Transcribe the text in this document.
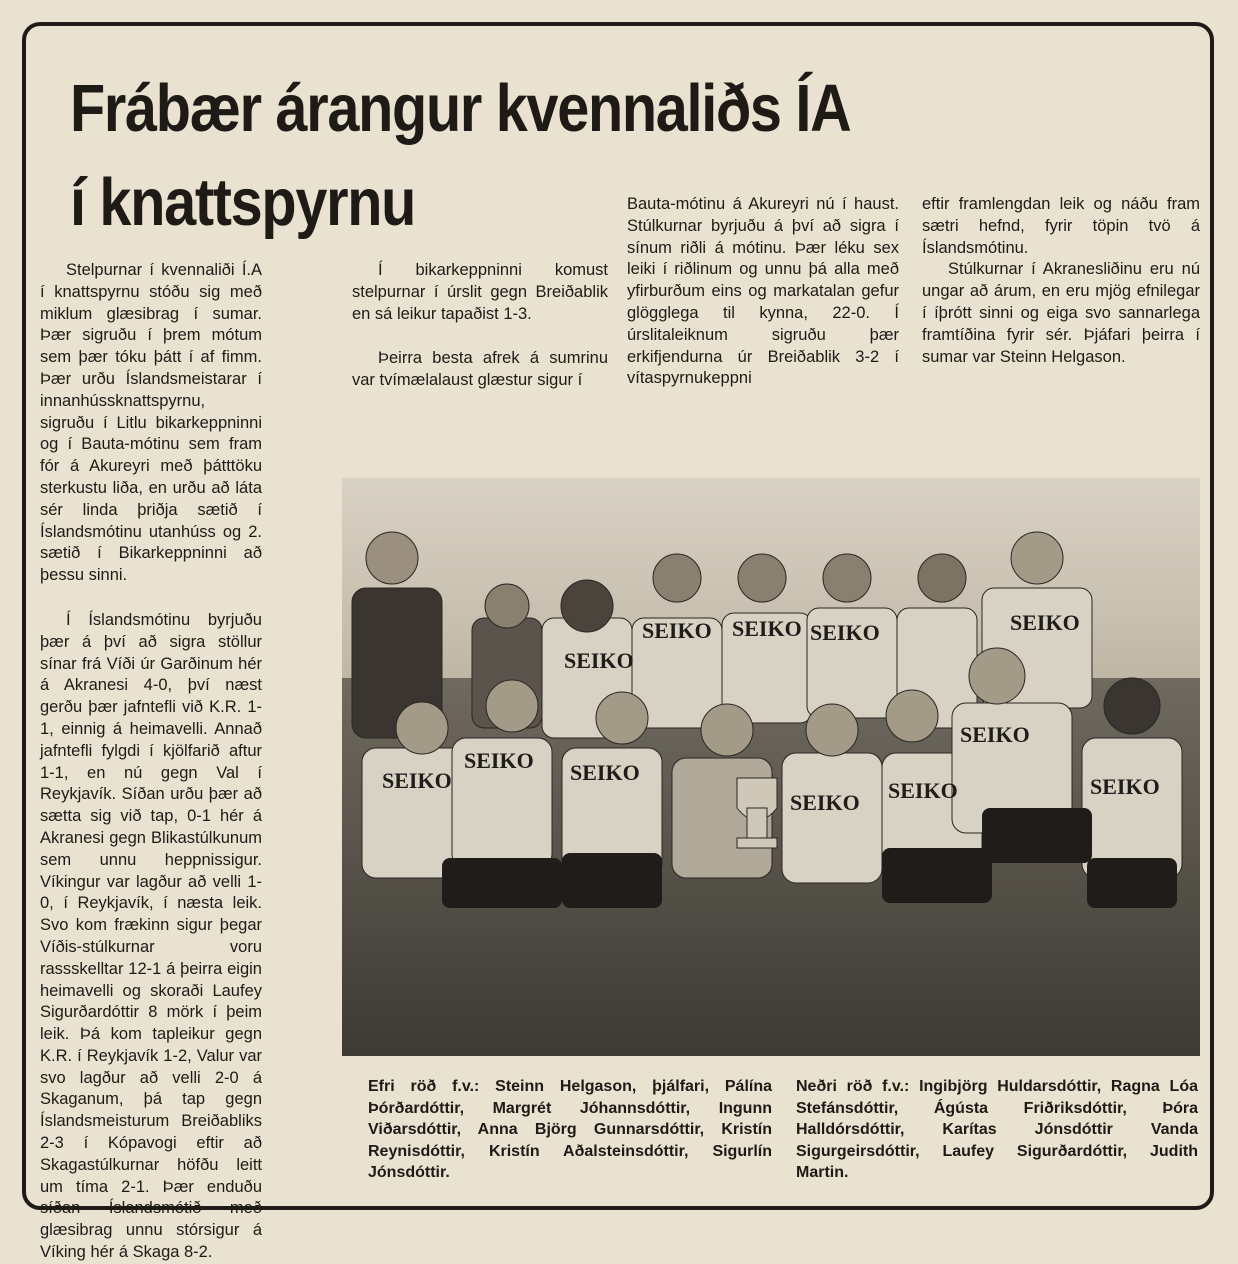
Frábær árangur kvennaliðs ÍA
í knattspyrnu

Stelpurnar í kvennaliði Í.A í knattspyrnu stóðu sig með miklum glæsibrag í sumar. Þær sigruðu í þrem mótum sem þær tóku þátt í af fimm. Þær urðu Íslandsmeistarar í innanhússknattspyrnu, sigruðu í Litlu bikarkeppninni og í Bauta-mótinu sem fram fór á Akureyri með þátttöku sterkustu liða, en urðu að láta sér linda þriðja sætið í Íslandsmótinu utanhúss og 2. sætið í Bikarkeppninni að þessu sinni.

Í Íslandsmótinu byrjuðu þær á því að sigra stöllur sínar frá Víði úr Garðinum hér á Akranesi 4-0, því næst gerðu þær jafntefli við K.R. 1-1, einnig á heimavelli. Annað jafntefli fylgdi í kjölfarið aftur 1-1, en nú gegn Val í Reykjavík. Síðan urðu þær að sætta sig við tap, 0-1 hér á Akranesi gegn Blikastúlkunum sem unnu heppnissigur. Víkingur var lagður að velli 1-0, í Reykjavík, í næsta leik. Svo kom frækinn sigur þegar Víðis-stúlkurnar voru rassskelltar 12-1 á þeirra eigin heimavelli og skoraði Laufey Sigurðardóttir 8 mörk í þeim leik. Þá kom tapleikur gegn K.R. í Reykjavík 1-2, Valur var svo lagður að velli 2-0 á Skaganum, þá tap gegn Íslandsmeisturum Breiðabliks 2-3 í Kópavogi eftir að Skagastúlkurnar höfðu leitt um tíma 2-1. Þær enduðu síðan Íslandsmótið með glæsibrag unnu stórsigur á Víking hér á Skaga 8-2.

Í bikarkeppninni komust stelpurnar í úrslit gegn Breiðablik en sá leikur tapaðist 1-3.

Þeirra besta afrek á sumrinu var tvímælalaust glæstur sigur í

Bauta-mótinu á Akureyri nú í haust. Stúlkurnar byrjuðu á því að sigra í sínum riðli á mótinu. Þær léku sex leiki í riðlinum og unnu þá alla með yfirburðum eins og markatalan gefur glögglega til kynna, 22-0. Í úrslitaleiknum sigruðu þær erkifjendurna úr Breiðablik 3-2 í vítaspyrnukeppni

eftir framlengdan leik og náðu fram sætri hefnd, fyrir töpin tvö á Íslandsmótinu.

Stúlkurnar í Akranesliðinu eru nú ungar að árum, en eru mjög efnilegar í íþrótt sinni og eiga svo sannarlega framtíðina fyrir sér. Þjáfari þeirra í sumar var Steinn Helgason.

SEIKO
SEIKO SEIKO SEIKO	SEIKO
SEIKO
SEIKO SEIKO
SEIKO SEIKO
SEIKO
SEIKO
Efri röð f.v.: Steinn Helgason, þjálfari, Pálína Þórðardóttir, Margrét Jóhannsdóttir, Ingunn Viðarsdóttir, Anna Björg Gunnarsdóttir, Kristín Reynisdóttir, Kristín Aðalsteinsdóttir, Sigurlín Jónsdóttir.
Neðri röð f.v.: Ingibjörg Huldarsdóttir, Ragna Lóa Stefánsdóttir, Ágústa Friðriksdóttir, Þóra Halldórsdóttir, Karítas Jónsdóttir Vanda Sigurgeirsdóttir, Laufey Sigurðardóttir, Judith Martin.
